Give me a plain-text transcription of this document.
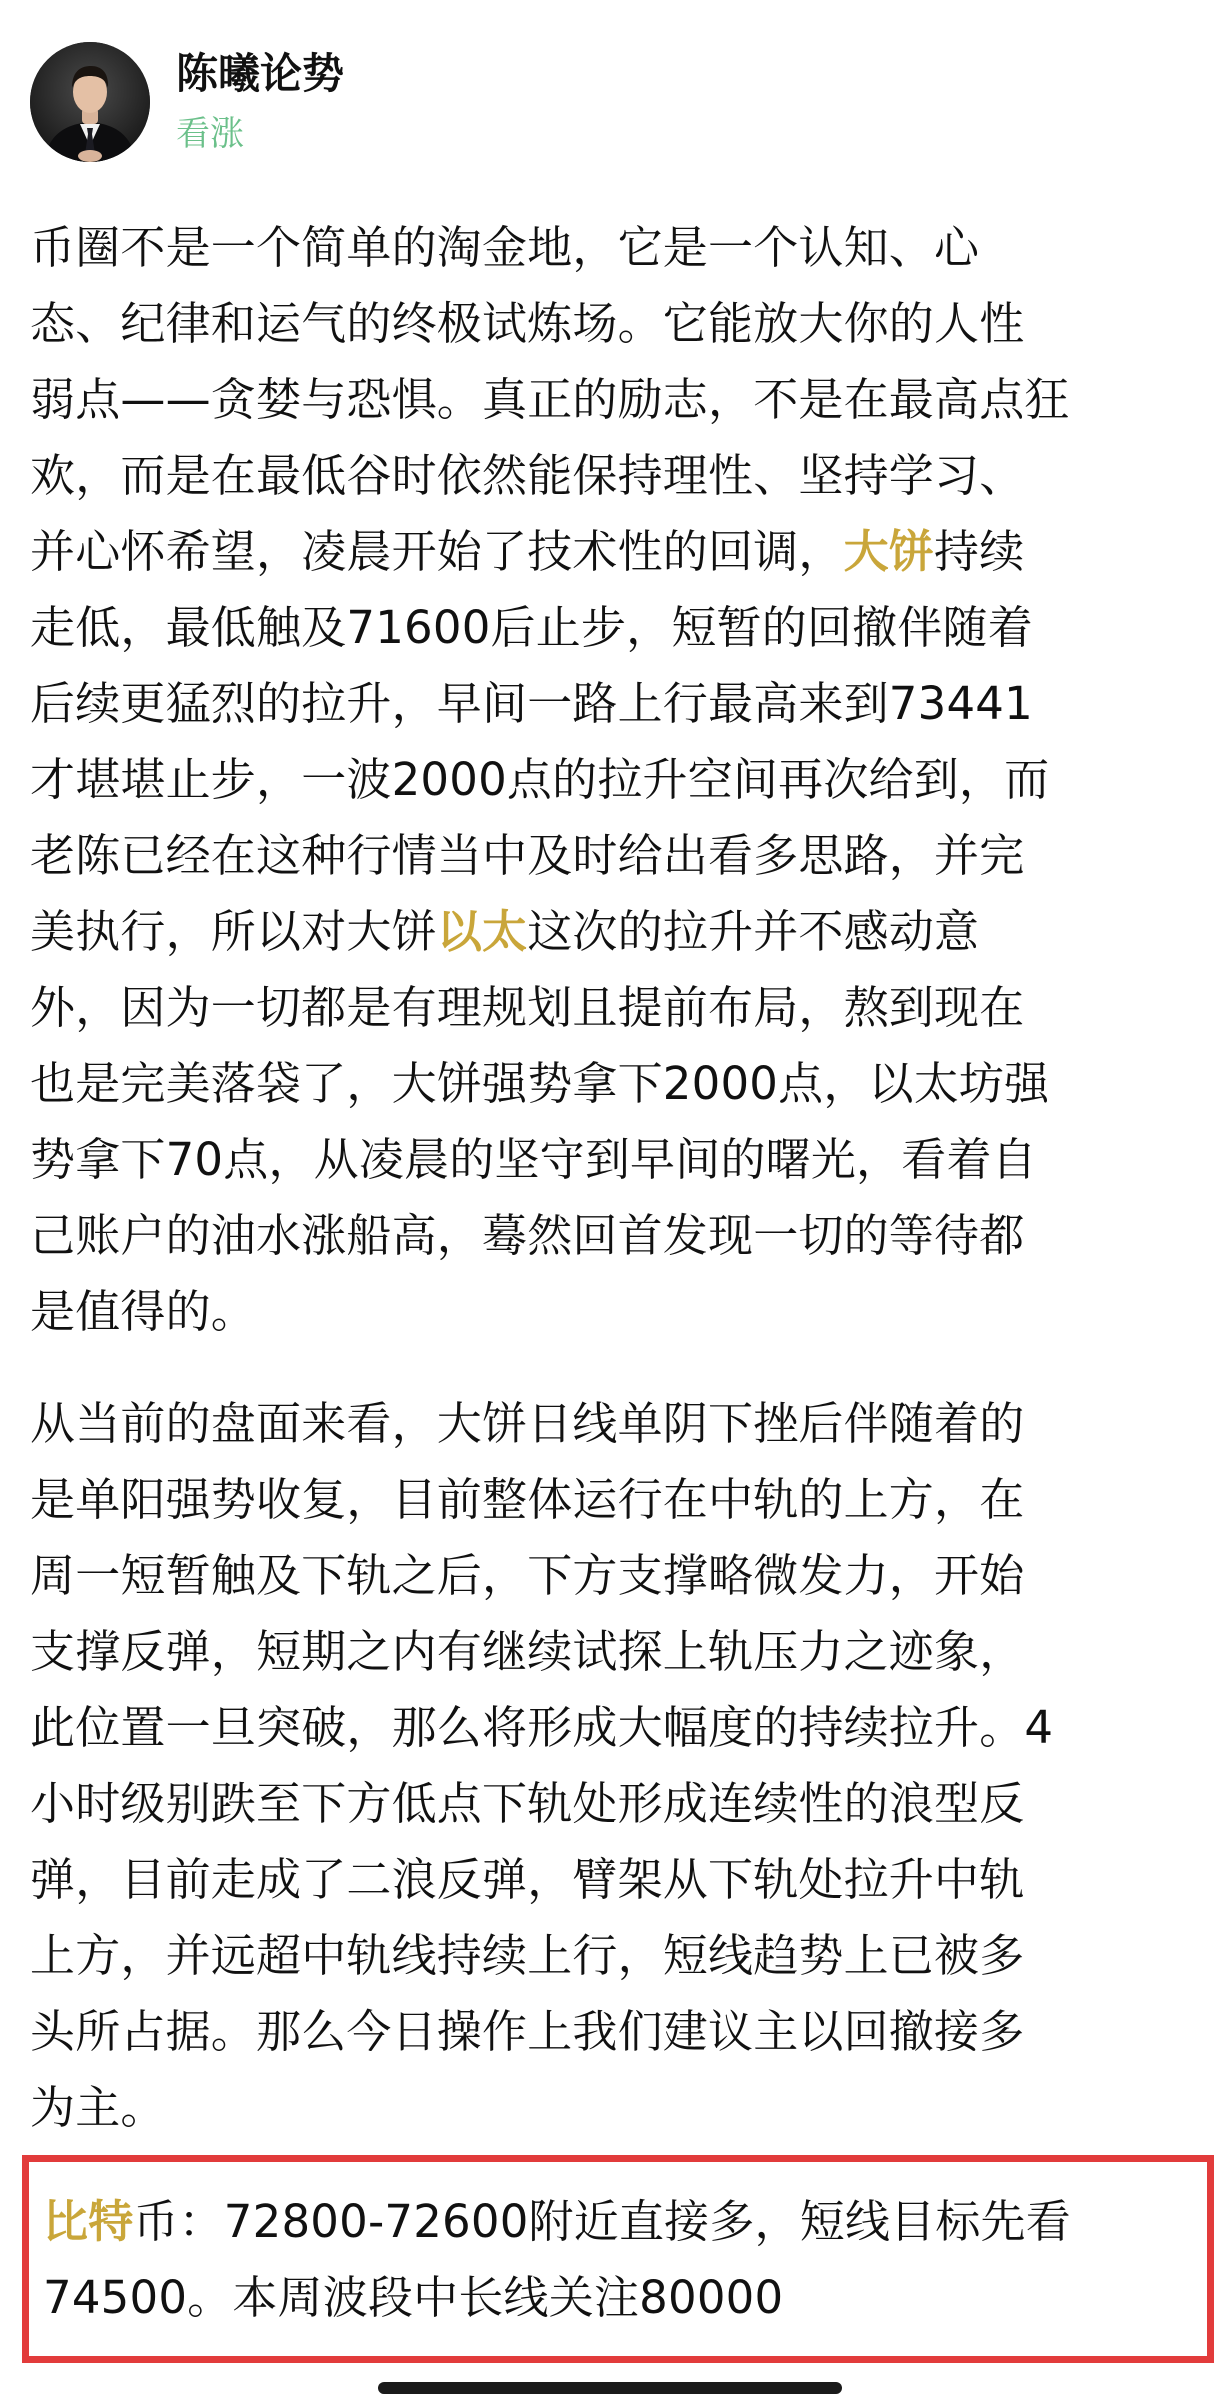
陈曦论势
看涨
币圈不是一个简单的淘金地，它是一个认知、心
态、纪律和运气的终极试炼场。它能放大你的人性
弱点——贪婪与恐惧。真正的励志，不是在最高点狂
欢，而是在最低谷时依然能保持理性、坚持学习、
并心怀希望，凌晨开始了技术性的回调，大饼持续
走低，最低触及71600后止步，短暂的回撤伴随着
后续更猛烈的拉升，早间一路上行最高来到73441
才堪堪止步，一波2000点的拉升空间再次给到，而
老陈已经在这种行情当中及时给出看多思路，并完
美执行，所以对大饼以太这次的拉升并不感动意
外，因为一切都是有理规划且提前布局，熬到现在
也是完美落袋了，大饼强势拿下2000点，以太坊强
势拿下70点，从凌晨的坚守到早间的曙光，看着自
己账户的油水涨船高，蓦然回首发现一切的等待都
是值得的。
从当前的盘面来看，大饼日线单阴下挫后伴随着的
是单阳强势收复，目前整体运行在中轨的上方，在
周一短暂触及下轨之后，下方支撑略微发力，开始
支撑反弹，短期之内有继续试探上轨压力之迹象，
此位置一旦突破，那么将形成大幅度的持续拉升。4
小时级别跌至下方低点下轨处形成连续性的浪型反
弹，目前走成了二浪反弹，臂架从下轨处拉升中轨
上方，并远超中轨线持续上行，短线趋势上已被多
头所占据。那么今日操作上我们建议主以回撤接多
为主。
比特币：72800-72600附近直接多，短线目标先看
74500。本周波段中长线关注80000
